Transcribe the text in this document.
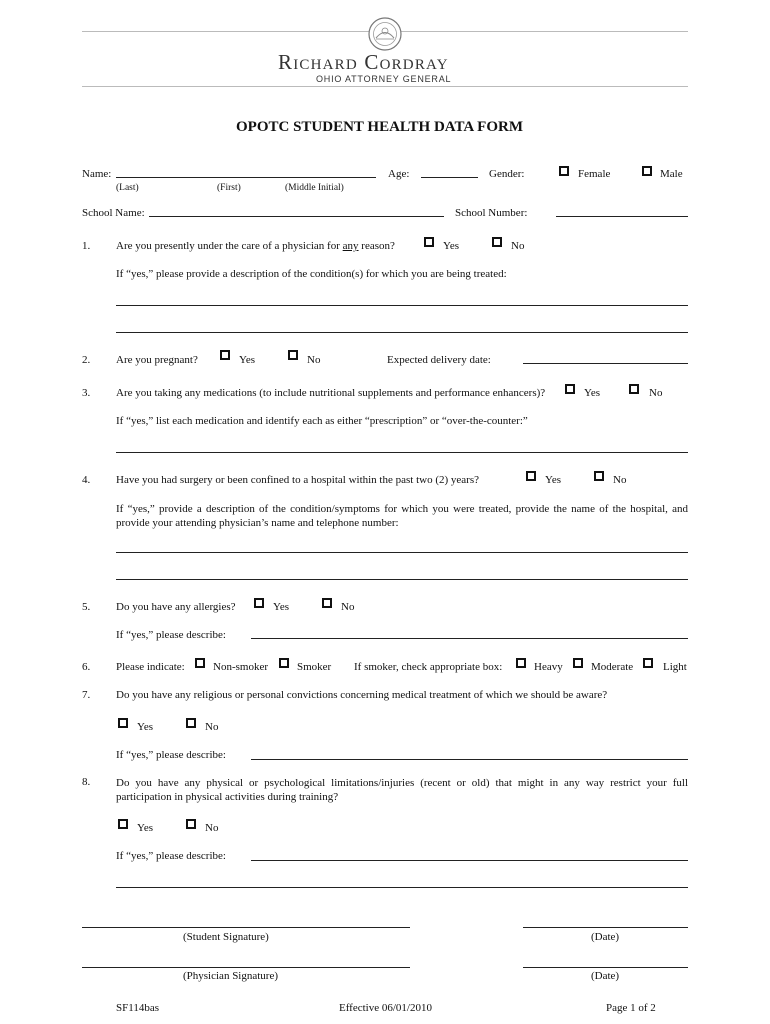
Richard Cordray
OHIO ATTORNEY GENERAL
OPOTC STUDENT HEALTH DATA FORM
Name:
(Last)	(First)	(Middle Initial)
Age:	Gender:	Female	Male
School Name:	School Number:
1. Are you presently under the care of a physician for any reason?	Yes	No
If “yes,” please provide a description of the condition(s) for which you are being treated:
2. Are you pregnant?	Yes	No	Expected delivery date:
3. Are you taking any medications (to include nutritional supplements and performance enhancers)?	Yes	No
If “yes,” list each medication and identify each as either “prescription” or “over-the-counter:”
4. Have you had surgery or been confined to a hospital within the past two (2) years?	Yes	No
If “yes,” provide a description of the condition/symptoms for which you were treated, provide the name of the hospital, and provide your attending physician’s name and telephone number:
5. Do you have any allergies?	Yes	No
If “yes,” please describe:
6. Please indicate:	Non-smoker	Smoker If smoker, check appropriate box:	Heavy	Moderate	Light
7. Do you have any religious or personal convictions concerning medical treatment of which we should be aware?
Yes	No
If “yes,” please describe:
8. Do you have any physical or psychological limitations/injuries (recent or old) that might in any way restrict your full participation in physical activities during training?
Yes	No
If “yes,” please describe:
(Student Signature)	(Date)
(Physician Signature)	(Date)
SF114bas	Effective 06/01/2010	Page 1 of 2
